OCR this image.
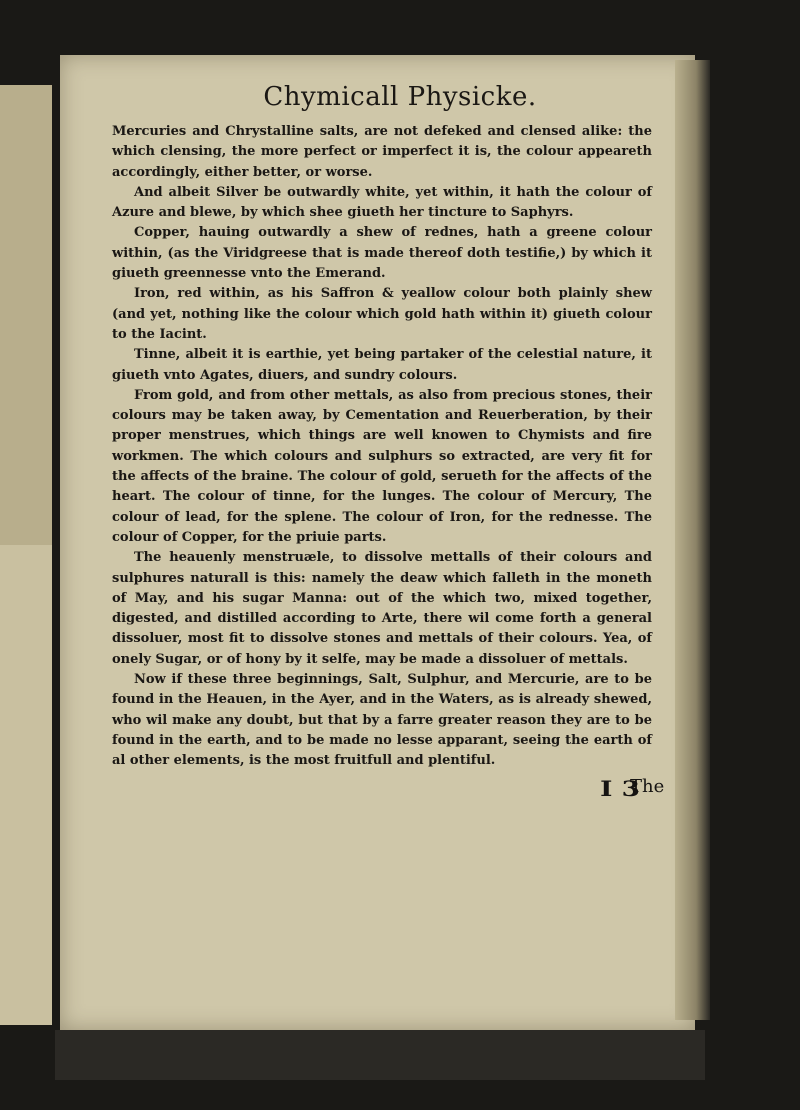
Chymicall Physicke.

Mercuries and Chrystalline salts, are not defeked and clensed alike: the which clensing, the more perfect or imperfect it is, the colour appeareth accordingly, either better, or worse.

And albeit Silver be outwardly white, yet within, it hath the colour of Azure and blewe, by which shee giueth her tincture to Saphyrs.

Copper, hauing outwardly a shew of rednes, hath a greene colour within, (as the Viridgreese that is made thereof doth testifie,) by which it giueth greennesse vnto the Emerand.

Iron, red within, as his Saffron & yeallow colour both plainly shew (and yet, nothing like the colour which gold hath within it) giueth colour to the Iacint.

Tinne, albeit it is earthie, yet being partaker of the celestial nature, it giueth vnto Agates, diuers, and sundry colours.

From gold, and from other mettals, as also from precious stones, their colours may be taken away, by Cementation and Reuerberation, by their proper menstrues, which things are well knowen to Chymists and fire workmen. The which colours and sulphurs so extracted, are very fit for the affects of the braine. The colour of gold, serueth for the affects of the heart. The colour of tinne, for the lunges. The colour of Mercury, The colour of lead, for the splene. The colour of Iron, for the rednesse. The colour of Copper, for the priuie parts.

The heauenly menstruæle, to dissolve mettalls of their colours and sulphures naturall is this: namely the deaw which falleth in the moneth of May, and his sugar Manna: out of the which two, mixed together, digested, and distilled according to Arte, there wil come forth a general dissoluer, most fit to dissolve stones and mettals of their colours. Yea, of onely Sugar, or of hony by it selfe, may be made a dissoluer of mettals.

Now if these three beginnings, Salt, Sulphur, and Mercurie, are to be found in the Heauen, in the Ayer, and in the Waters, as is already shewed, who wil make any doubt, but that by a farre greater reason they are to be found in the earth, and to be made no lesse apparant, seeing the earth of al other elements, is the most fruitfull and plentiful.

I 3
The
